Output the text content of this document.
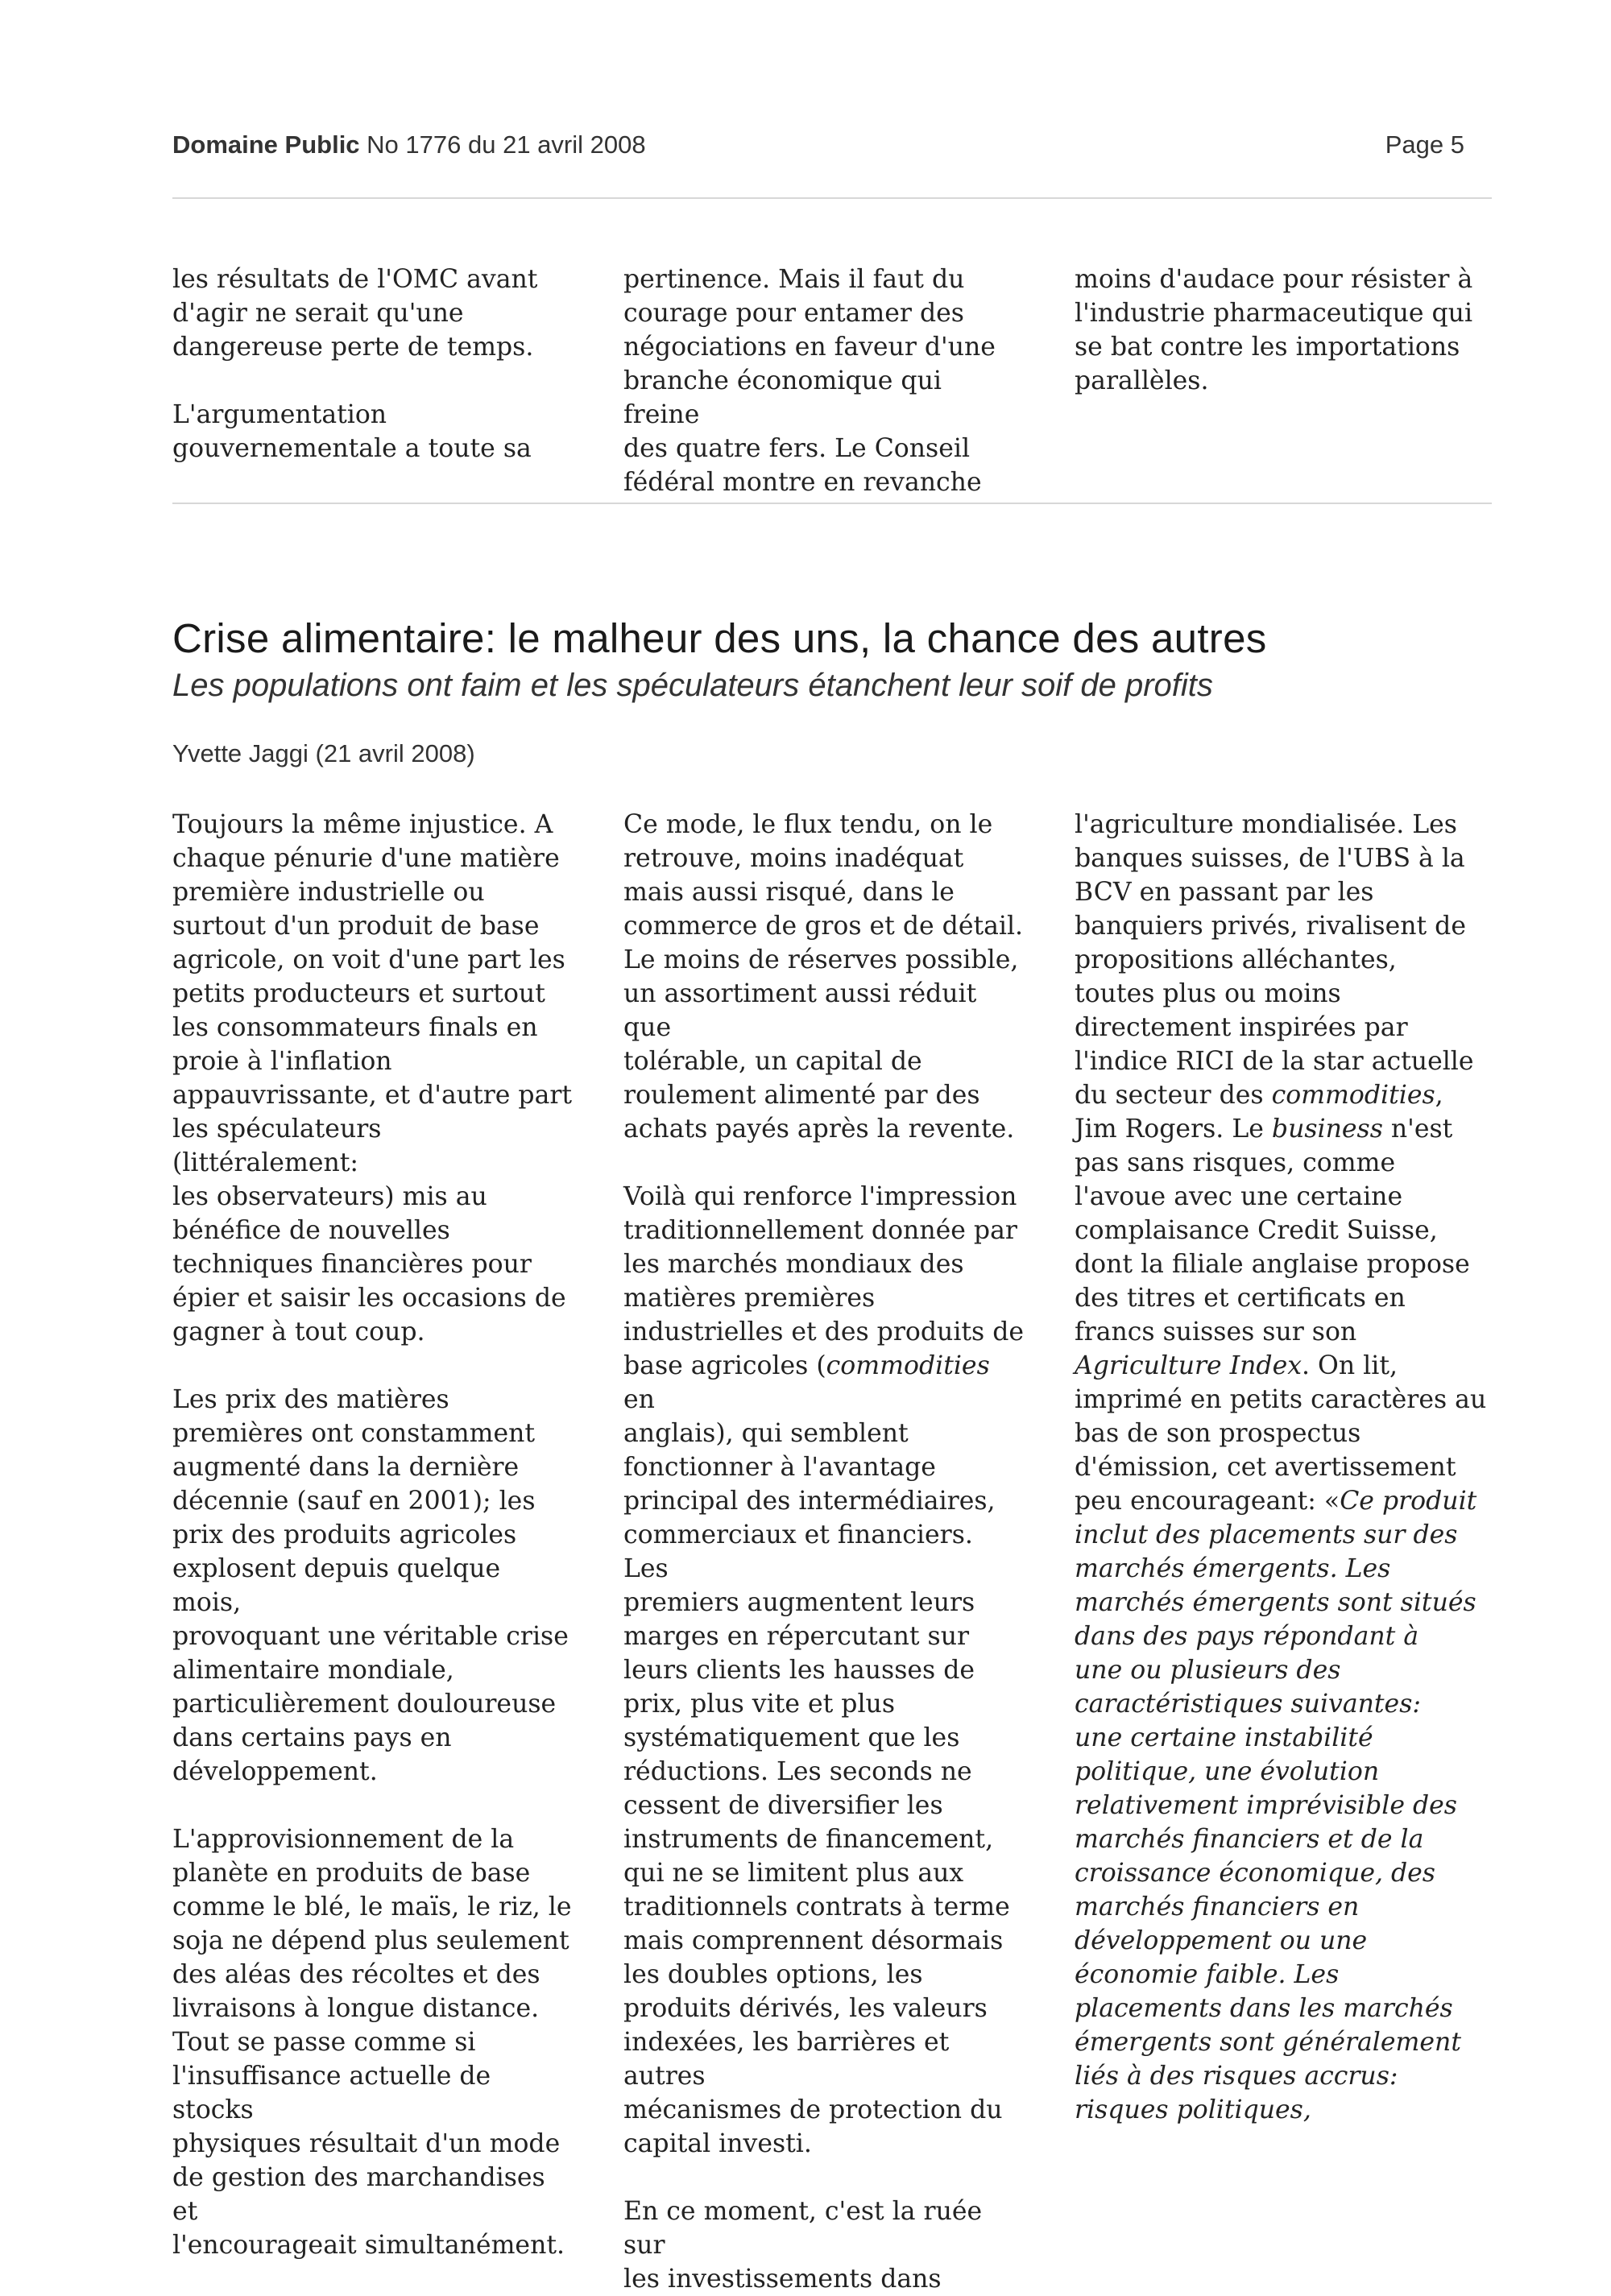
Domaine Public No 1776 du 21 avril 2008	Page 5

les résultats de l'OMC avant
d'agir ne serait qu'une
dangereuse perte de temps.

L'argumentation
gouvernementale a toute sa

pertinence. Mais il faut du
courage pour entamer des
négociations en faveur d'une
branche économique qui freine
des quatre fers. Le Conseil
fédéral montre en revanche

moins d'audace pour résister à
l'industrie pharmaceutique qui
se bat contre les importations
parallèles.

Crise alimentaire: le malheur des uns, la chance des autres
Les populations ont faim et les spéculateurs étanchent leur soif de profits
Yvette Jaggi (21 avril 2008)

Toujours la même injustice. A
chaque pénurie d'une matière
première industrielle ou
surtout d'un produit de base
agricole, on voit d'une part les
petits producteurs et surtout
les consommateurs finals en
proie à l'inflation
appauvrissante, et d'autre part
les spéculateurs (littéralement:
les observateurs) mis au
bénéfice de nouvelles
techniques financières pour
épier et saisir les occasions de
gagner à tout coup.

Les prix des matières
premières ont constamment
augmenté dans la dernière
décennie (sauf en 2001); les
prix des produits agricoles
explosent depuis quelque mois,
provoquant une véritable crise
alimentaire mondiale,
particulièrement douloureuse
dans certains pays en
développement.

L'approvisionnement de la
planète en produits de base
comme le blé, le maïs, le riz, le
soja ne dépend plus seulement
des aléas des récoltes et des
livraisons à longue distance.
Tout se passe comme si
l'insuffisance actuelle de stocks
physiques résultait d'un mode
de gestion des marchandises et
l'encourageait simultanément.

Ce mode, le flux tendu, on le
retrouve, moins inadéquat
mais aussi risqué, dans le
commerce de gros et de détail.
Le moins de réserves possible,
un assortiment aussi réduit que
tolérable, un capital de
roulement alimenté par des
achats payés après la revente.

Voilà qui renforce l'impression
traditionnellement donnée par
les marchés mondiaux des
matières premières
industrielles et des produits de
base agricoles (commodities en
anglais), qui semblent
fonctionner à l'avantage
principal des intermédiaires,
commerciaux et financiers. Les
premiers augmentent leurs
marges en répercutant sur
leurs clients les hausses de
prix, plus vite et plus
systématiquement que les
réductions. Les seconds ne
cessent de diversifier les
instruments de financement,
qui ne se limitent plus aux
traditionnels contrats à terme
mais comprennent désormais
les doubles options, les
produits dérivés, les valeurs
indexées, les barrières et autres
mécanismes de protection du
capital investi.

En ce moment, c'est la ruée sur
les investissements dans

l'agriculture mondialisée. Les
banques suisses, de l'UBS à la
BCV en passant par les
banquiers privés, rivalisent de
propositions alléchantes,
toutes plus ou moins
directement inspirées par
l'indice RICI de la star actuelle
du secteur des commodities,
Jim Rogers. Le business n'est
pas sans risques, comme
l'avoue avec une certaine
complaisance Credit Suisse,
dont la filiale anglaise propose
des titres et certificats en
francs suisses sur son
Agriculture Index. On lit,
imprimé en petits caractères au
bas de son prospectus
d'émission, cet avertissement
peu encourageant: «Ce produit
inclut des placements sur des
marchés émergents. Les
marchés émergents sont situés
dans des pays répondant à
une ou plusieurs des
caractéristiques suivantes:
une certaine instabilité
politique, une évolution
relativement imprévisible des
marchés financiers et de la
croissance économique, des
marchés financiers en
développement ou une
économie faible. Les
placements dans les marchés
émergents sont généralement
liés à des risques accrus:
risques politiques,
